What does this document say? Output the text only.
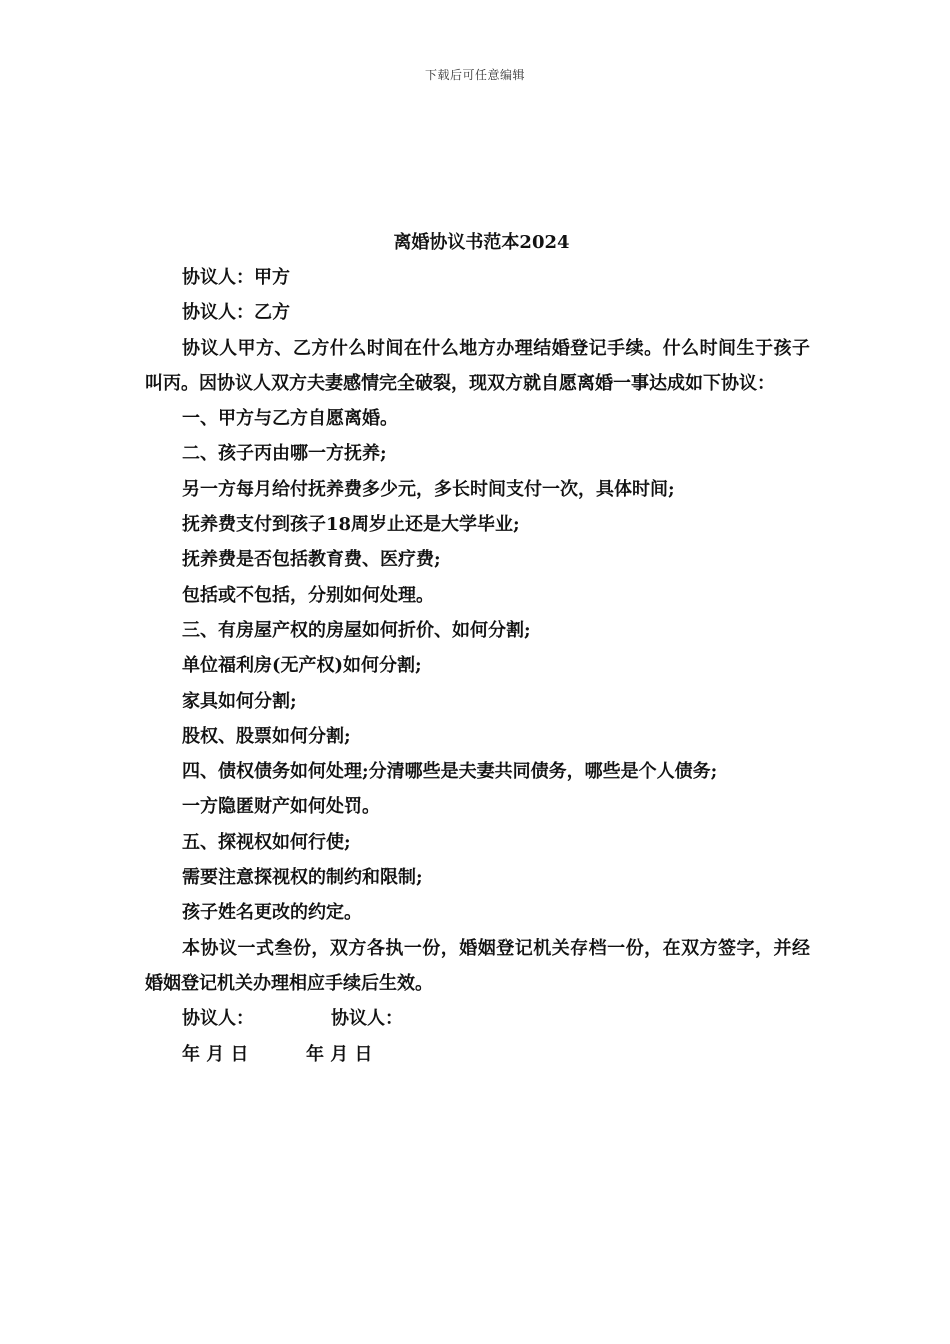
下载后可任意编辑

离婚协议书范本2024

协议人：甲方

协议人：乙方

协议人甲方、乙方什么时间在什么地方办理结婚登记手续。什么时间生于孩子叫丙。因协议人双方夫妻感情完全破裂，现双方就自愿离婚一事达成如下协议：

一、甲方与乙方自愿离婚。

二、孩子丙由哪一方抚养;

另一方每月给付抚养费多少元，多长时间支付一次，具体时间;

抚养费支付到孩子18周岁止还是大学毕业;

抚养费是否包括教育费、医疗费;

包括或不包括，分别如何处理。

三、有房屋产权的房屋如何折价、如何分割;

单位福利房(无产权)如何分割;

家具如何分割;

股权、股票如何分割;

四、债权债务如何处理;分清哪些是夫妻共同债务，哪些是个人债务;

一方隐匿财产如何处罚。

五、探视权如何行使;

需要注意探视权的制约和限制;

孩子姓名更改的约定。

本协议一式叁份，双方各执一份，婚姻登记机关存档一份，在双方签字，并经婚姻登记机关办理相应手续后生效。

协议人：	协议人：
年 月 日	年 月 日
